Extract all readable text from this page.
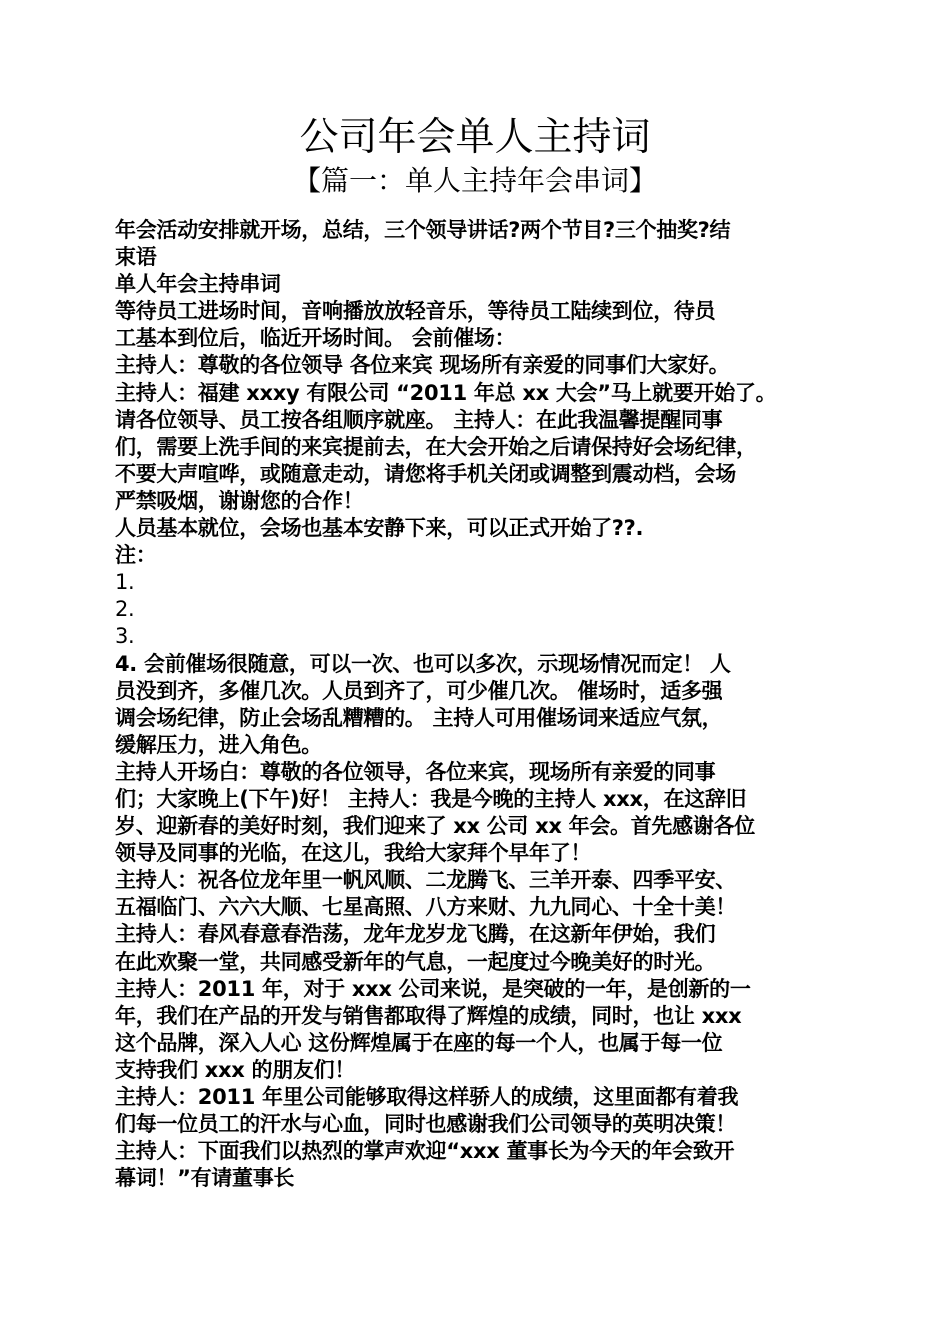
公司年会单人主持词
【篇一：单人主持年会串词】
年会活动安排就开场，总结，三个领导讲话?两个节目?三个抽奖?结
束语
单人年会主持串词
等待员工进场时间，音响播放放轻音乐，等待员工陆续到位，待员
工基本到位后，临近开场时间。 会前催场：
主持人：尊敬的各位领导 各位来宾 现场所有亲爱的同事们大家好。
主持人：福建 xxxy 有限公司 “2011 年总 xx 大会”马上就要开始了。
请各位领导、员工按各组顺序就座。 主持人：在此我温馨提醒同事
们，需要上洗手间的来宾提前去，在大会开始之后请保持好会场纪律，
不要大声喧哗，或随意走动，请您将手机关闭或调整到震动档，会场
严禁吸烟，谢谢您的合作！
人员基本就位，会场也基本安静下来，可以正式开始了??.
注：
1.
2.
3.
4. 会前催场很随意，可以一次、也可以多次，示现场情况而定！ 人
员没到齐，多催几次。人员到齐了，可少催几次。 催场时，适多强
调会场纪律，防止会场乱糟糟的。 主持人可用催场词来适应气氛，
缓解压力，进入角色。
主持人开场白：尊敬的各位领导，各位来宾，现场所有亲爱的同事
们；大家晚上(下午)好！ 主持人：我是今晚的主持人 xxx，在这辞旧
岁、迎新春的美好时刻，我们迎来了 xx 公司 xx 年会。首先感谢各位
领导及同事的光临，在这儿，我给大家拜个早年了！
主持人：祝各位龙年里一帆风顺、二龙腾飞、三羊开泰、四季平安、
五福临门、六六大顺、七星高照、八方来财、九九同心、十全十美！
主持人：春风春意春浩荡，龙年龙岁龙飞腾，在这新年伊始，我们
在此欢聚一堂，共同感受新年的气息，一起度过今晚美好的时光。
主持人：2011 年，对于 xxx 公司来说，是突破的一年，是创新的一
年，我们在产品的开发与销售都取得了辉煌的成绩，同时，也让 xxx
这个品牌，深入人心 这份辉煌属于在座的每一个人，也属于每一位
支持我们 xxx 的朋友们！
主持人：2011 年里公司能够取得这样骄人的成绩，这里面都有着我
们每一位员工的汗水与心血，同时也感谢我们公司领导的英明决策！
主持人：下面我们以热烈的掌声欢迎“xxx 董事长为今天的年会致开
幕词！”有请董事长
